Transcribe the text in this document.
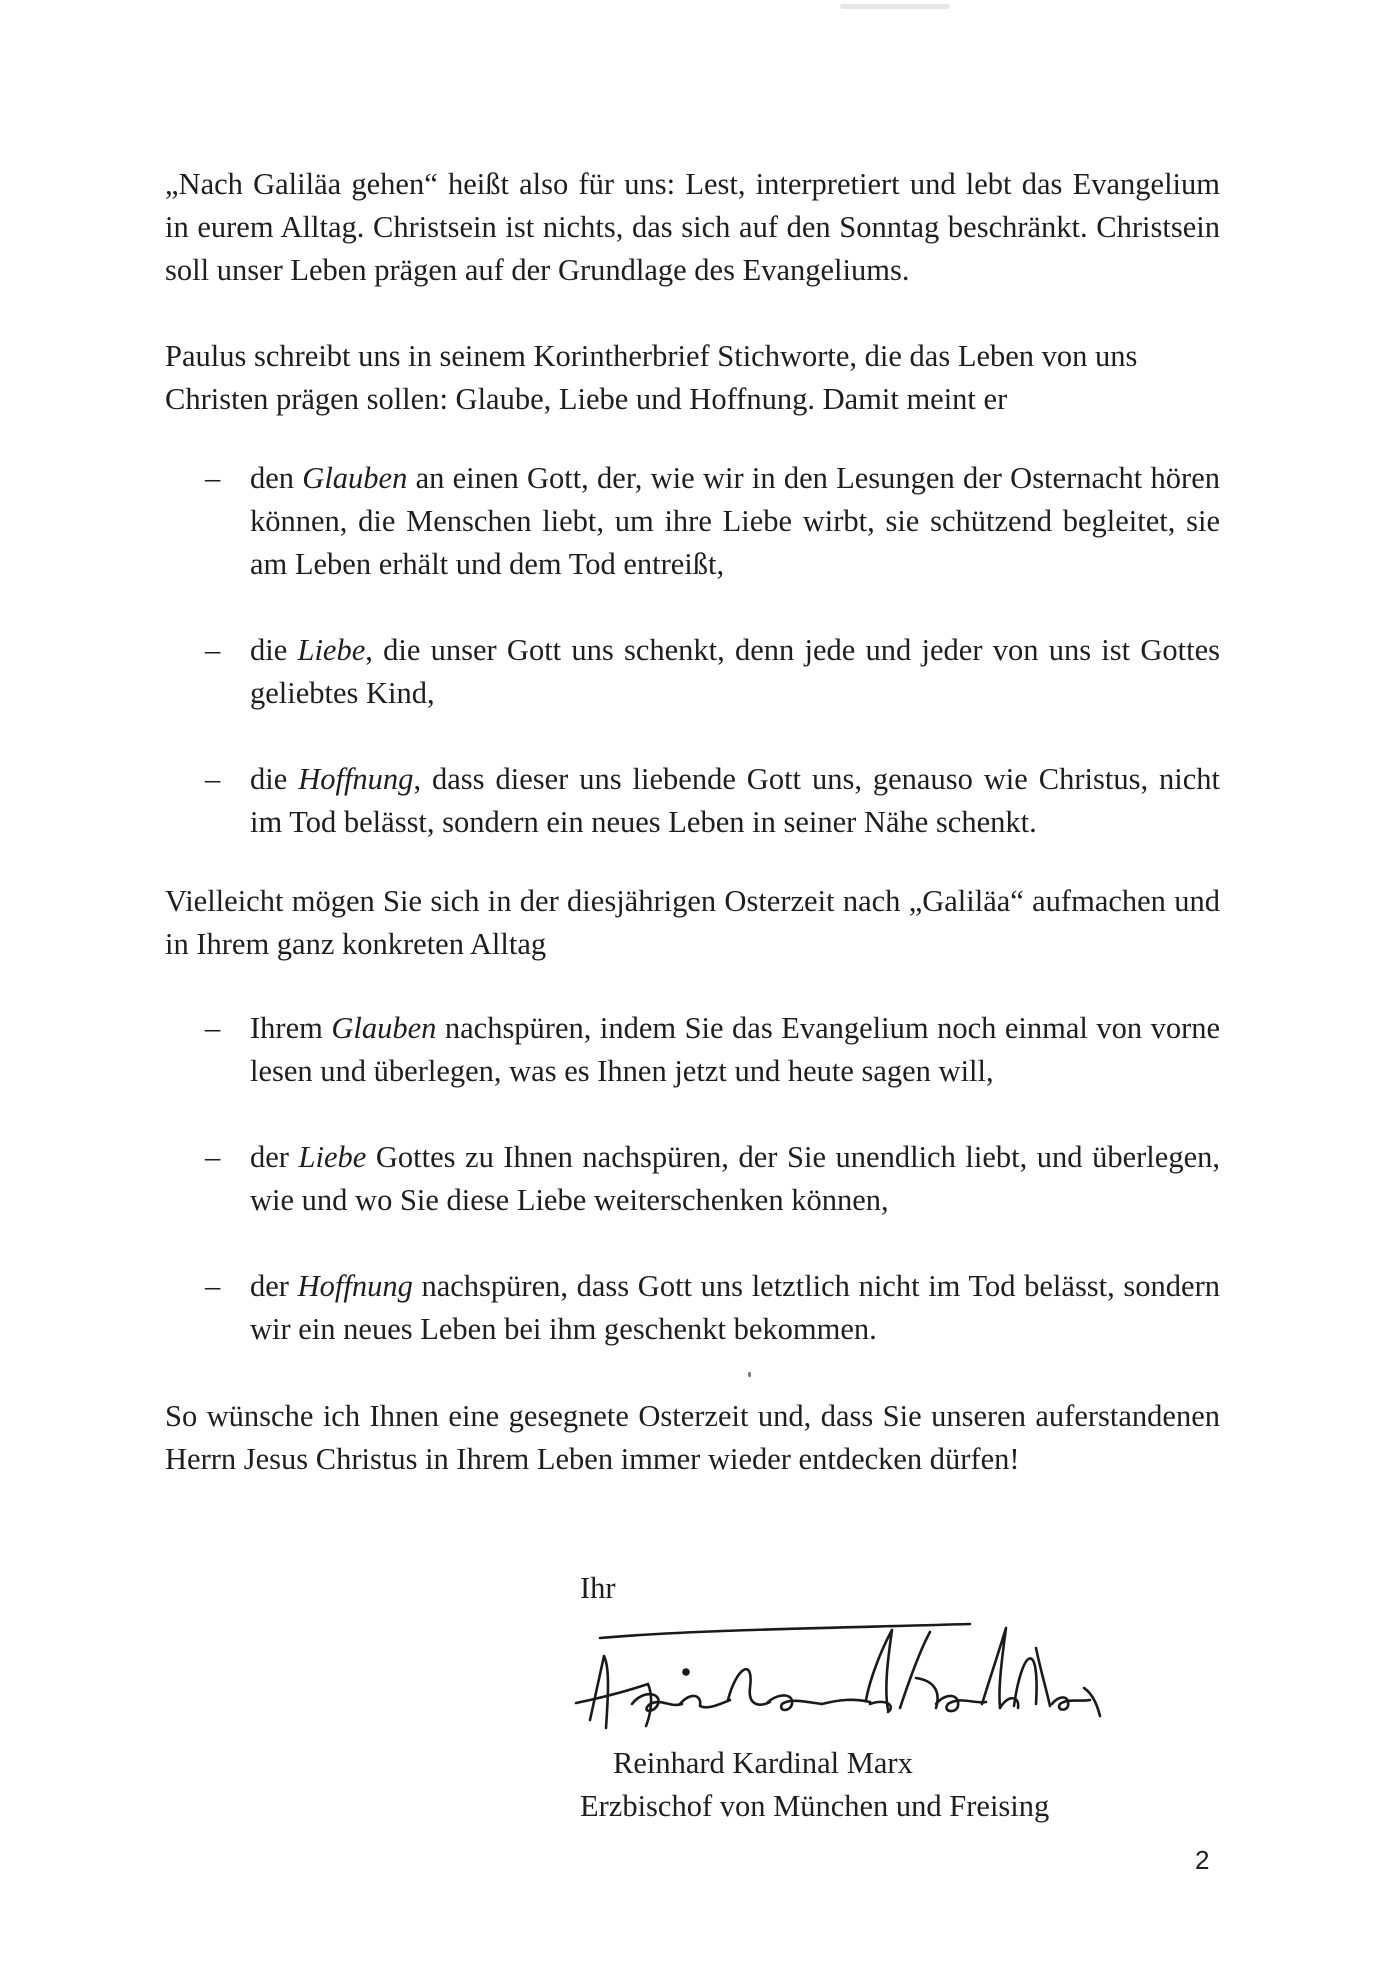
„Nach Galiläa gehen“ heißt also für uns: Lest, interpretiert und lebt das Evangelium in eurem Alltag. Christsein ist nichts, das sich auf den Sonntag beschränkt. Christsein soll unser Leben prägen auf der Grundlage des Evangeliums.

Paulus schreibt uns in seinem Korintherbrief Stichworte, die das Leben von uns Christen prägen sollen: Glaube, Liebe und Hoffnung. Damit meint er

– den Glauben an einen Gott, der, wie wir in den Lesungen der Osternacht hören können, die Menschen liebt, um ihre Liebe wirbt, sie schützend begleitet, sie am Leben erhält und dem Tod entreißt,
– die Liebe, die unser Gott uns schenkt, denn jede und jeder von uns ist Gottes geliebtes Kind,
– die Hoffnung, dass dieser uns liebende Gott uns, genauso wie Christus, nicht im Tod belässt, sondern ein neues Leben in seiner Nähe schenkt.

Vielleicht mögen Sie sich in der diesjährigen Osterzeit nach „Galiläa“ aufmachen und in Ihrem ganz konkreten Alltag

– Ihrem Glauben nachspüren, indem Sie das Evangelium noch einmal von vorne lesen und überlegen, was es Ihnen jetzt und heute sagen will,
– der Liebe Gottes zu Ihnen nachspüren, der Sie unendlich liebt, und überlegen, wie und wo Sie diese Liebe weiterschenken können,
– der Hoffnung nachspüren, dass Gott uns letztlich nicht im Tod belässt, sondern wir ein neues Leben bei ihm geschenkt bekommen.

So wünsche ich Ihnen eine gesegnete Osterzeit und, dass Sie unseren auferstandenen Herrn Jesus Christus in Ihrem Leben immer wieder entdecken dürfen!

Ihr

Reinhard Kardinal Marx

Erzbischof von München und Freising

2
